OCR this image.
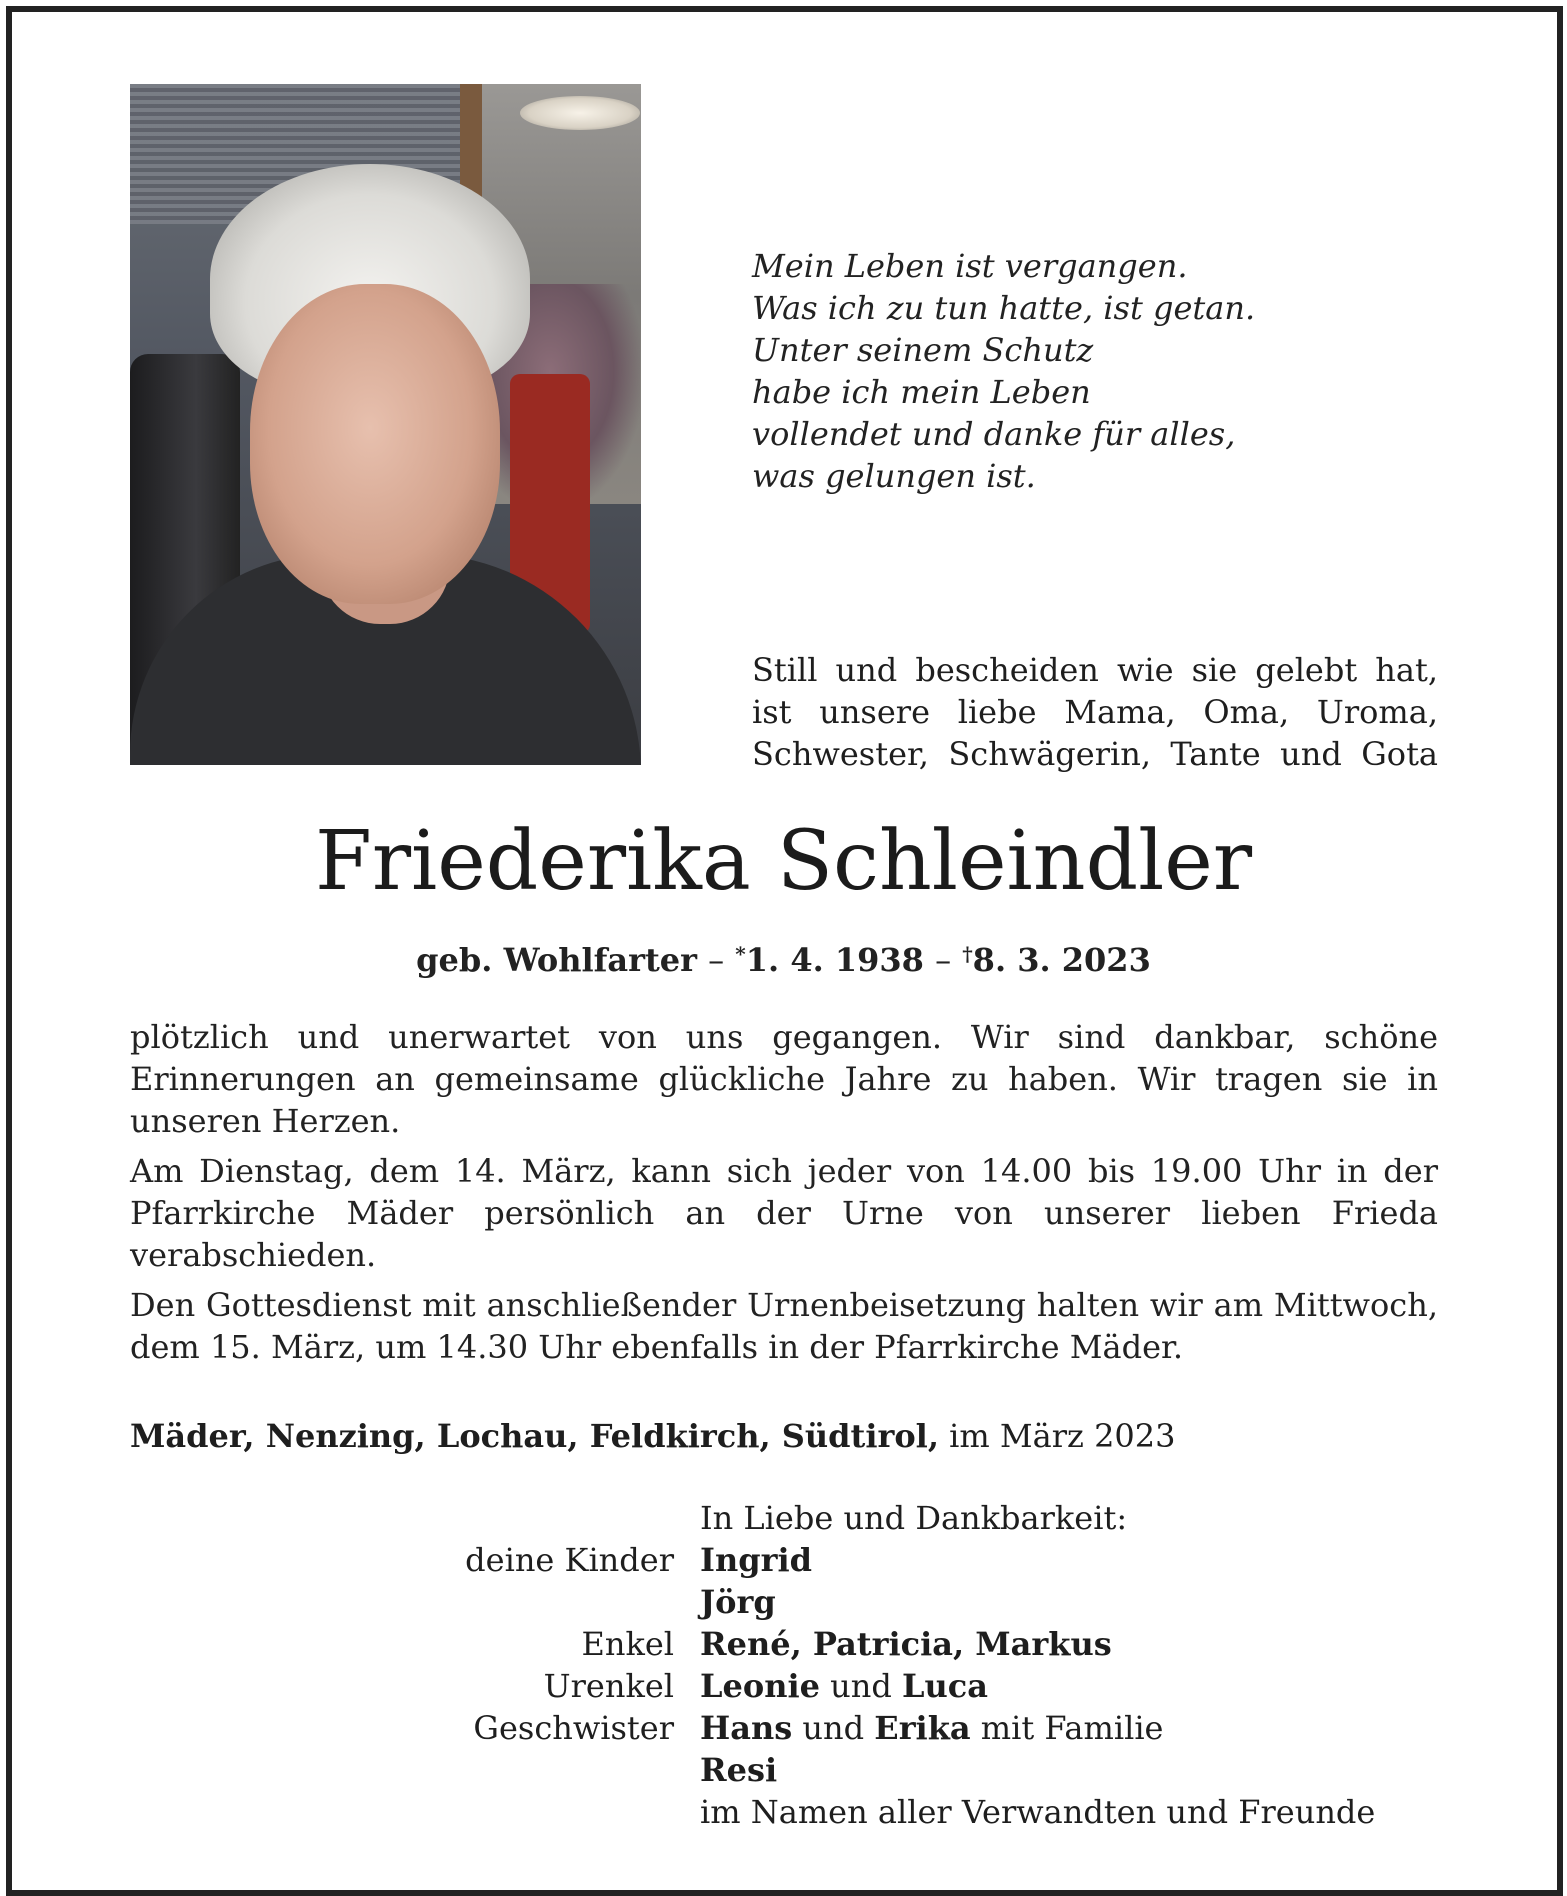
Mein Leben ist vergangen.
Was ich zu tun hatte, ist getan.
Unter seinem Schutz
habe ich mein Leben
vollendet und danke für alles,
was gelungen ist.
Still und bescheiden wie sie gelebt hat,
ist unsere liebe Mama, Oma, Uroma,
Schwester, Schwägerin, Tante und Gota
Friederika Schleindler
geb. Wohlfarter – *1. 4. 1938 – †8. 3. 2023

plötzlich und unerwartet von uns gegangen. Wir sind dankbar, schöne Erinnerungen an gemeinsame glückliche Jahre zu haben. Wir tragen sie in unseren Herzen.

Am Dienstag, dem 14. März, kann sich jeder von 14.00 bis 19.00 Uhr in der Pfarrkirche Mäder persönlich an der Urne von unserer lieben Frieda verabschieden.

Den Gottesdienst mit anschließender Urnenbeisetzung halten wir am Mittwoch, dem 15. März, um 14.30 Uhr ebenfalls in der Pfarrkirche Mäder.

Mäder, Nenzing, Lochau, Feldkirch, Südtirol, im März 2023
In Liebe und Dankbarkeit:
deine Kinder Ingrid
Jörg
Enkel René, Patricia, Markus
Urenkel Leonie und Luca
Geschwister Hans und Erika mit Familie
Resi
im Namen aller Verwandten und Freunde
